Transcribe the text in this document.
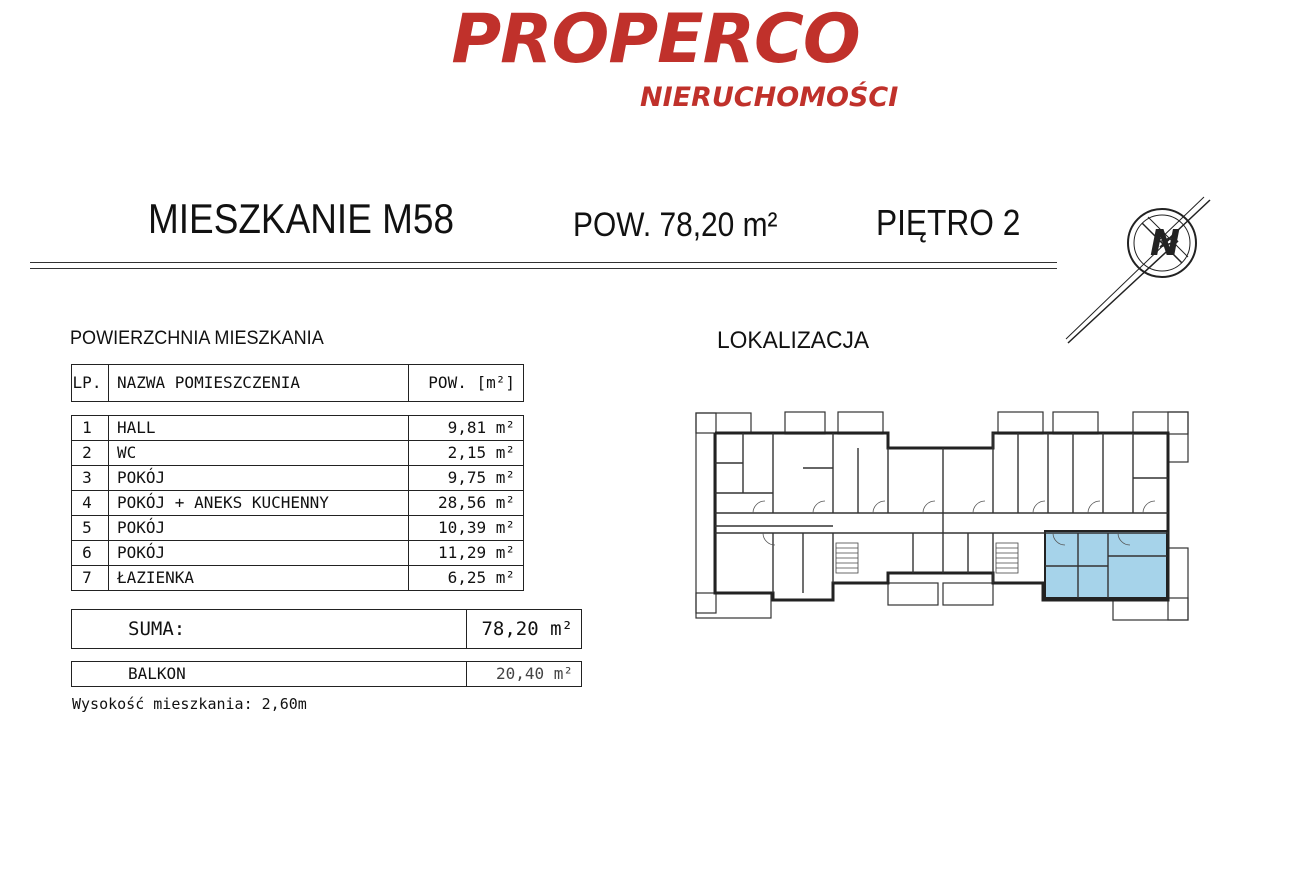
PROPERCO
NIERUCHOMOŚCI
MIESZKANIE M58	POW. 78,20 m²	PIĘTRO 2
N
POWIERZCHNIA MIESZKANIA	LOKALIZACJA
LP.	NAZWA POMIESZCZENIA	POW. [m²]
1	HALL	9,81 m²
2	WC	2,15 m²
3	POKÓJ	9,75 m²
4	POKÓJ + ANEKS KUCHENNY	28,56 m²
5	POKÓJ	10,39 m²
6	POKÓJ	11,29 m²
7	ŁAZIENKA	6,25 m²
SUMA:	78,20 m²
BALKON	20,40 m²
Wysokość mieszkania: 2,60m
